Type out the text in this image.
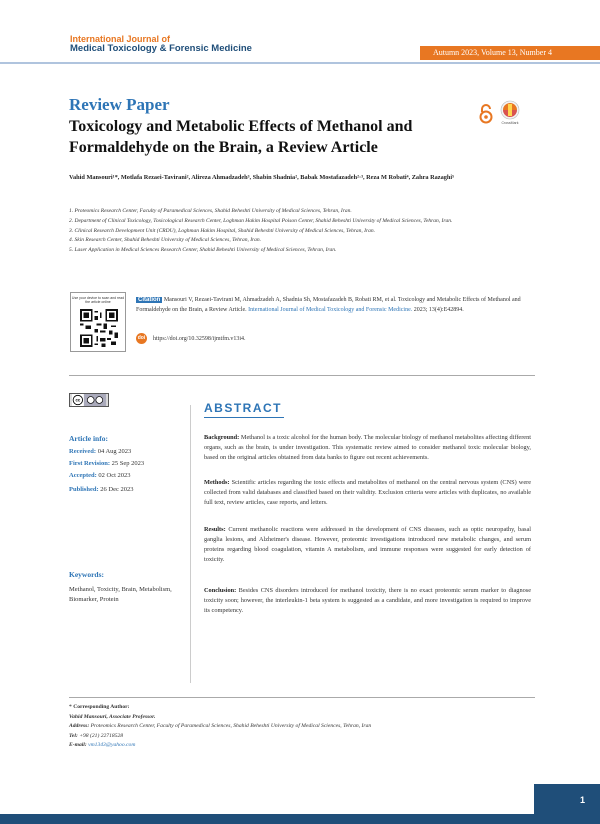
International Journal of
Medical Toxicology & Forensic Medicine	Autumn 2023, Volume 13, Number 4
Review Paper
Toxicology and Metabolic Effects of Methanol and Formaldehyde on the Brain, a Review Article
CrossMark
Vahid Mansouri¹*, Motlafa Rezaei-Tavirani², Alireza Ahmadzadeh³, Shabin Shadnia², Babak Mostafazadeh²·³, Reza M Robati⁴, Zahra Razaghi⁵
1. Proteomics Research Center, Faculty of Paramedical Sciences, Shahid Beheshti University of Medical Sciences, Tehran, Iran.
2. Department of Clinical Toxicology, Toxicological Research Center, Loghman Hakim Hospital Poison Center, Shahid Beheshti University of Medical Sciences, Tehran, Iran.
3. Clinical Research Development Unit (CRDU), Loghman Hakim Hospital, Shahid Beheshti University of Medical Sciences, Tehran, Iran.
4. Skin Research Center, Shahid Beheshti University of Medical Sciences, Tehran, Iran.
5. Laser Application in Medical Sciences Research Center, Shahid Beheshti University of Medical Sciences, Tehran, Iran.
Use your device to scan and read the article online	Citation Mansouri V, Rezaei-Tavirani M, Ahmadzadeh A, Shadnia Sh, Mostafazadeh B, Robati RM, et al. Toxicology and Metabolic Effects of Methanol and Formaldehyde on the Brain, a Review Article. International Journal of Medical Toxicology and Forensic Medicine. 2023; 13(4):E42894.
doi https://doi.org/10.32598/ijmtfm.v13i4.
cc
Article info:
Received: 04 Aug 2023
First Revision: 25 Sep 2023
Accepted: 02 Oct 2023
Published: 26 Dec 2023
Keywords:
Methanol, Toxicity, Brain, Metabolism, Biomarker, Protein
ABSTRACT
Background: Methanol is a toxic alcohol for the human body. The molecular biology of methanol metabolites affecting different organs, such as the brain, is under investigation. This systematic review aimed to consider methanol toxic molecular biology, based on the original articles obtained from data banks to figure out recent achievements.
Methods: Scientific articles regarding the toxic effects and metabolites of methanol on the central nervous system (CNS) were collected from valid databases and classified based on their validity. Exclusion criteria were articles with duplicates, no available full text, review articles, case reports, and letters.
Results: Current methanolic reactions were addressed in the development of CNS diseases, such as optic neuropathy, basal ganglia lesions, and Alzheimer's disease. However, proteomic investigations introduced new metabolic changes, and serum proteins regarding blood coagulation, vitamin A metabolism, and immune responses were suggested for early detection of toxicity.
Conclusion: Besides CNS disorders introduced for methanol toxicity, there is no exact proteomic serum marker to diagnose toxicity soon; however, the interleukin-1 beta system is suggested as a candidate, and more investigation is required to improve its competency.
* Corresponding Author:
Vahid Mansouri, Associate Professor.
Address: Proteomics Research Center, Faculty of Paramedical Sciences, Shahid Beheshti University of Medical Sciences, Tehran, Iran
Tel: +98 (21) 22718528
E-mail: vm1343@yahoo.com
1
